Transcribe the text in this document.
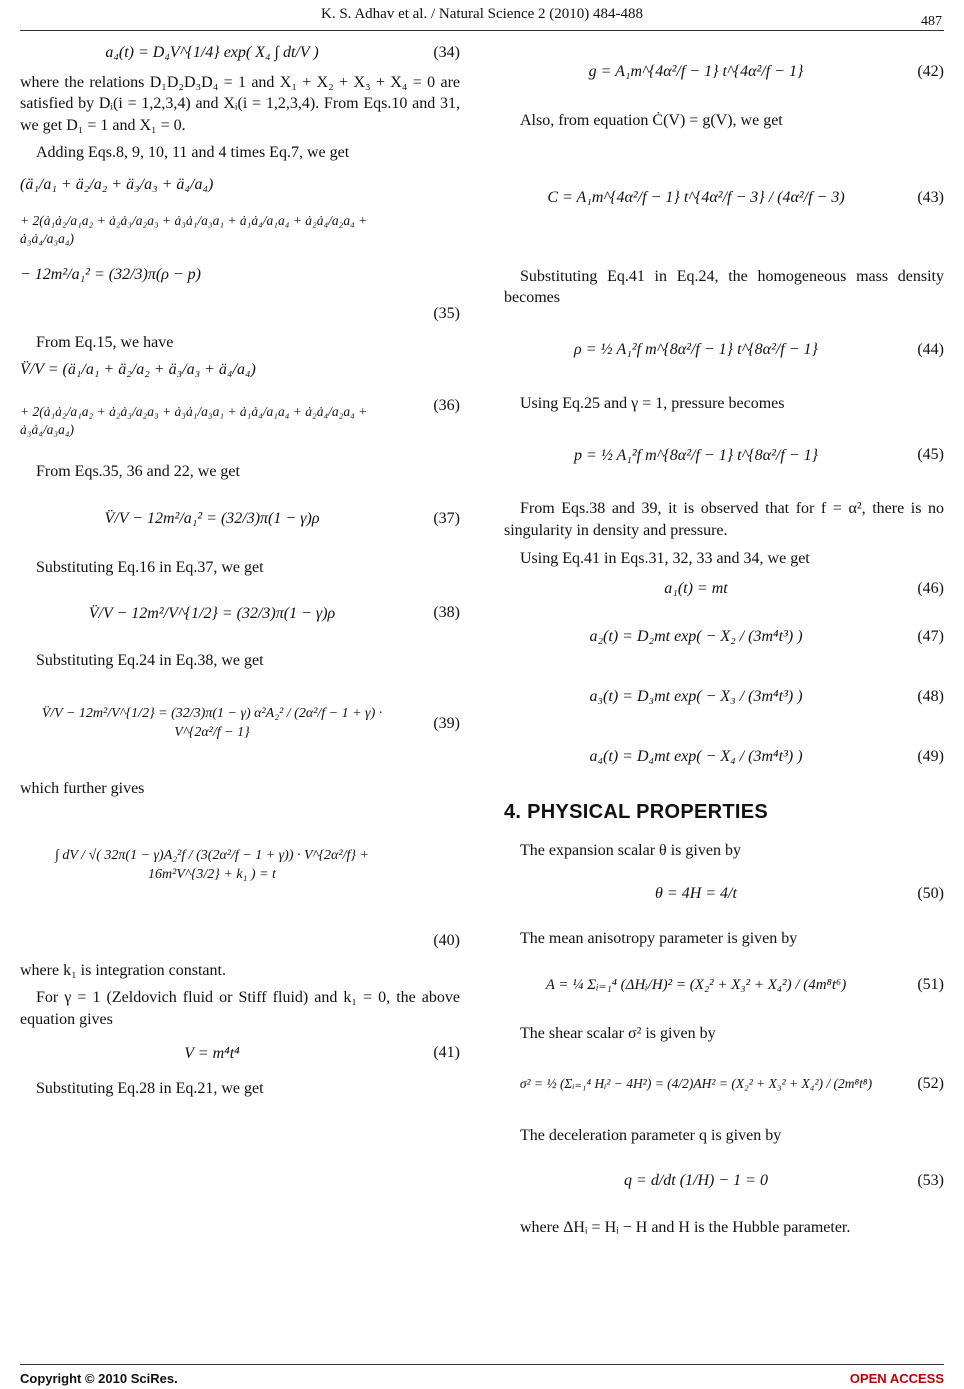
K. S. Adhav et al. / Natural Science 2 (2010) 484-488	487
a₄(t) = D₄V^{1/4} exp( X₄ ∫ dt/V )	(34)

where the relations D₁D₂D₃D₄ = 1 and X₁ + X₂ + X₃ + X₄ = 0 are satisfied by Dᵢ(i = 1,2,3,4) and Xᵢ(i = 1,2,3,4). From Eqs.10 and 31, we get D₁ = 1 and X₁ = 0.

Adding Eqs.8, 9, 10, 11 and 4 times Eq.7, we get

(ä₁/a₁ + ä₂/a₂ + ä₃/a₃ + ä₄/a₄)
+ 2(ȧ₁ȧ₂/a₁a₂ + ȧ₂ȧ₃/a₂a₃ + ȧ₃ȧ₁/a₃a₁ + ȧ₁ȧ₄/a₁a₄ + ȧ₂ȧ₄/a₂a₄ + ȧ₃ȧ₄/a₃a₄)
− 12m²/a₁² = (32/3)π(ρ − p)
(35)

From Eq.15, we have

V̈/V = (ä₁/a₁ + ä₂/a₂ + ä₃/a₃ + ä₄/a₄)
+ 2(ȧ₁ȧ₂/a₁a₂ + ȧ₂ȧ₃/a₂a₃ + ȧ₃ȧ₁/a₃a₁ + ȧ₁ȧ₄/a₁a₄ + ȧ₂ȧ₄/a₂a₄ + ȧ₃ȧ₄/a₃a₄)
(36)

From Eqs.35, 36 and 22, we get

V̈/V − 12m²/a₁² = (32/3)π(1 − γ)ρ	(37)

Substituting Eq.16 in Eq.37, we get

V̈/V − 12m²/V^{1/2} = (32/3)π(1 − γ)ρ	(38)

Substituting Eq.24 in Eq.38, we get

V̈/V − 12m²/V^{1/2} = (32/3)π(1 − γ) α²A₂² / (2α²/f − 1 + γ) · V^{2α²/f − 1}
(39)

which further gives

∫ dV / √( 32π(1 − γ)A₂²f / (3(2α²/f − 1 + γ)) · V^{2α²/f} + 16m²V^{3/2} + k₁ ) = t
(40)

where k₁ is integration constant.

For γ = 1 (Zeldovich fluid or Stiff fluid) and k₁ = 0, the above equation gives

V = m⁴t⁴	(41)

Substituting Eq.28 in Eq.21, we get

g = A₁m^{4α²/f − 1} t^{4α²/f − 1}	(42)

Also, from equation Ċ(V) = g(V), we get

C = A₁m^{4α²/f − 1} t^{4α²/f − 3} / (4α²/f − 3)	(43)

Substituting Eq.41 in Eq.24, the homogeneous mass density becomes

ρ = ½ A₁²f m^{8α²/f − 1} t^{8α²/f − 1}	(44)

Using Eq.25 and γ = 1, pressure becomes

p = ½ A₁²f m^{8α²/f − 1} t^{8α²/f − 1}	(45)

From Eqs.38 and 39, it is observed that for f = α², there is no singularity in density and pressure.

Using Eq.41 in Eqs.31, 32, 33 and 34, we get

a₁(t) = mt	(46)
a₂(t) = D₂mt exp( − X₂ / (3m⁴t³) )	(47)
a₃(t) = D₃mt exp( − X₃ / (3m⁴t³) )	(48)
a₄(t) = D₄mt exp( − X₄ / (3m⁴t³) )	(49)
4. PHYSICAL PROPERTIES

The expansion scalar θ is given by

θ = 4H = 4/t	(50)

The mean anisotropy parameter is given by

A = ¼ Σᵢ₌₁⁴ (ΔHᵢ/H)² = (X₂² + X₃² + X₄²) / (4m⁸t⁶)	(51)

The shear scalar σ² is given by

σ² = ½ (Σᵢ₌₁⁴ Hᵢ² − 4H²) = (4/2)AH² = (X₂² + X₃² + X₄²) / (2m⁸t⁸)	(52)

The deceleration parameter q is given by

q = d/dt (1/H) − 1 = 0	(53)

where ΔHᵢ = Hᵢ − H and H is the Hubble parameter.

Copyright © 2010 SciRes.	OPEN ACCESS
